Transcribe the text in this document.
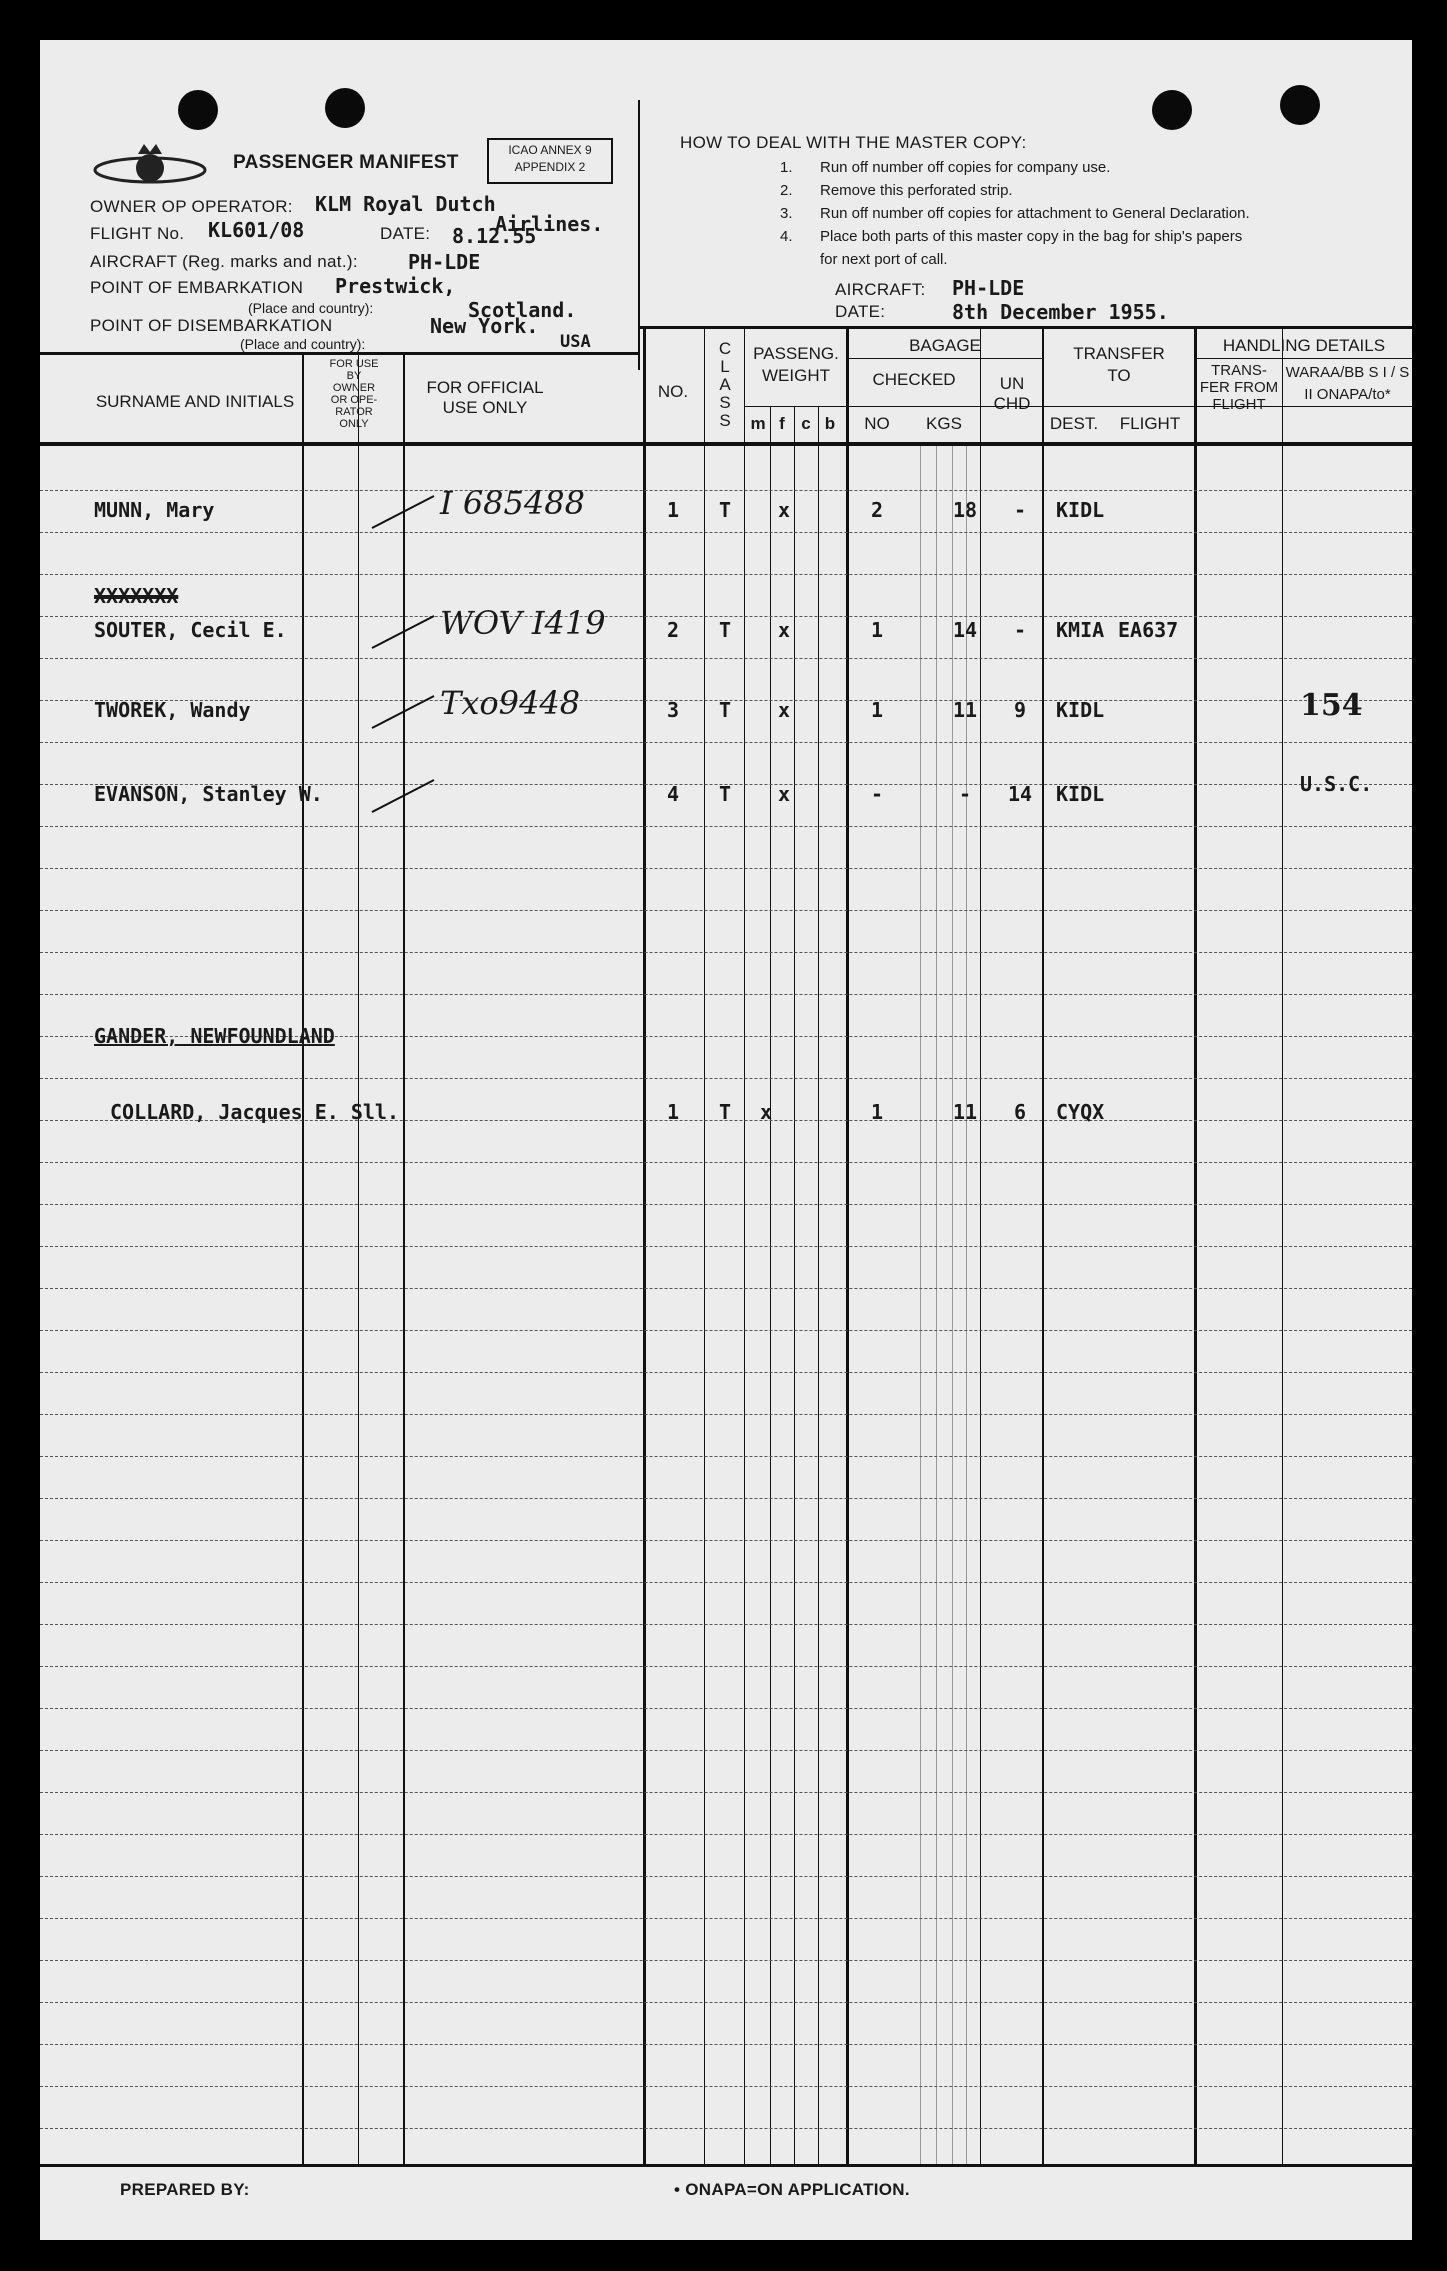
PASSENGER MANIFEST
ICAO ANNEX 9
APPENDIX 2
OWNER OP OPERATOR: KLM Royal Dutch
Airlines.
FLIGHT No. KL601/08	DATE: 8.12.55
AIRCRAFT (Reg. marks and nat.):	PH-LDE
POINT OF EMBARKATION Prestwick,
(Place and country):	Scotland.
POINT OF DISEMBARKATION	New York.
(Place and country):	USA
HOW TO DEAL WITH THE MASTER COPY:
1. Run off number off copies for company use.
2. Remove this perforated strip.
3. Run off number off copies for attachment to General Declaration.
4. Place both parts of this master copy in the bag for ship's papers
for next port of call.
AIRCRAFT: PH-LDE
DATE:	8th December 1955.
SURNAME AND INITIALS
FOR USE BY OWNER OR OPE- RATOR ONLY
FOR OFFICIAL USE ONLY
NO.
C
L
A
S
S
PASSENG.
WEIGHT
m f c b
BAGAGE
CHECKED
NO	KGS
UN CHD
TRANSFER
TO
DEST.	FLIGHT
HANDLING DETAILS
TRANS- FER FROM FLIGHT
WARAA/BB S I / S II ONAPA/to*
MUNN, Mary	I 685488	1	T	x	2	18	-	KIDL
SOUTER, Cecil E.	WOV I419	2	T	x	1	14	-	KMIA EA637
TWOREK, Wandy	Txo9448	3	T	x	1	11	9	KIDL	154
EVANSON, Stanley W.	4	T	x	-	-	14	KIDL	U.S.C.
XXXXXXX
GANDER, NEWFOUNDLAND
COLLARD, Jacques E. Sll.	1	T	x	1	11	6	CYQX
PREPARED BY:	• ONAPA=ON APPLICATION.
